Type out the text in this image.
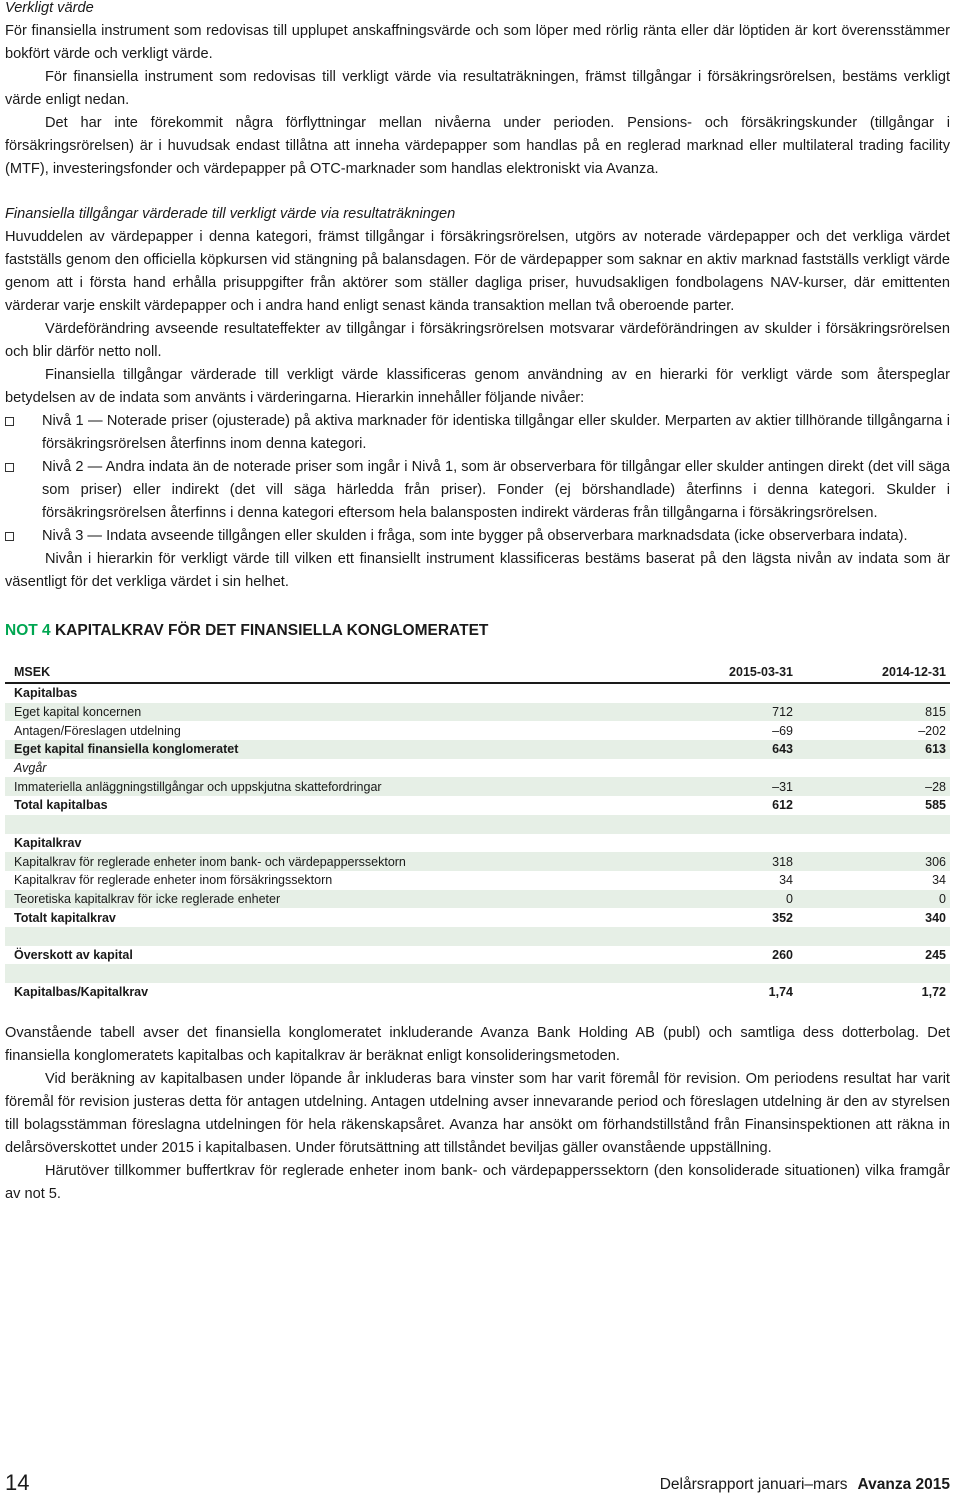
Verkligt värde

För finansiella instrument som redovisas till upplupet anskaffningsvärde och som löper med rörlig ränta eller där löptiden är kort överensstämmer bokfört värde och verkligt värde.

För finansiella instrument som redovisas till verkligt värde via resultaträkningen, främst tillgångar i försäkringsrörelsen, bestäms verkligt värde enligt nedan.

Det har inte förekommit några förflyttningar mellan nivåerna under perioden. Pensions- och försäkringskunder (tillgångar i försäkringsrörelsen) är i huvudsak endast tillåtna att inneha värdepapper som handlas på en reglerad marknad eller multilateral trading facility (MTF), investeringsfonder och värdepapper på OTC-marknader som handlas elektroniskt via Avanza.

Finansiella tillgångar värderade till verkligt värde via resultaträkningen

Huvuddelen av värdepapper i denna kategori, främst tillgångar i försäkringsrörelsen, utgörs av noterade värdepapper och det verkliga värdet fastställs genom den officiella köpkursen vid stängning på balansdagen. För de värdepapper som saknar en aktiv marknad fastställs verkligt värde genom att i första hand erhålla prisuppgifter från aktörer som ställer dagliga priser, huvudsakligen fondbolagens NAV-kurser, där emittenten värderar varje enskilt värdepapper och i andra hand enligt senast kända transaktion mellan två oberoende parter.

Värdeförändring avseende resultateffekter av tillgångar i försäkringsrörelsen motsvarar värdeförändringen av skulder i försäkringsrörelsen och blir därför netto noll.

Finansiella tillgångar värderade till verkligt värde klassificeras genom användning av en hierarki för verkligt värde som återspeglar betydelsen av de indata som använts i värderingarna. Hierarkin innehåller följande nivåer:

Nivå 1 — Noterade priser (ojusterade) på aktiva marknader för identiska tillgångar eller skulder. Merparten av aktier tillhörande tillgångarna i försäkringsrörelsen återfinns inom denna kategori.

Nivå 2 — Andra indata än de noterade priser som ingår i Nivå 1, som är observerbara för tillgångar eller skulder antingen direkt (det vill säga som priser) eller indirekt (det vill säga härledda från priser). Fonder (ej börshandlade) återfinns i denna kategori. Skulder i försäkringsrörelsen återfinns i denna kategori eftersom hela balansposten indirekt värderas från tillgångarna i försäkringsrörelsen.

Nivå 3 — Indata avseende tillgången eller skulden i fråga, som inte bygger på observerbara marknadsdata (icke observerbara indata).

Nivån i hierarkin för verkligt värde till vilken ett finansiellt instrument klassificeras bestäms baserat på den lägsta nivån av indata som är väsentligt för det verkliga värdet i sin helhet.

NOT 4 KAPITALKRAV FÖR DET FINANSIELLA KONGLOMERATET

MSEK	2015-03-31	2014-12-31
Kapitalbas		
Eget kapital koncernen	712	815
Antagen/Föreslagen utdelning	–69	–202
Eget kapital finansiella konglomeratet	643	613
Avgår		
Immateriella anläggningstillgångar och uppskjutna skattefordringar	–31	–28
Total kapitalbas	612	585

Kapitalkrav		
Kapitalkrav för reglerade enheter inom bank- och värdepapperssektorn	318	306
Kapitalkrav för reglerade enheter inom försäkringssektorn	34	34
Teoretiska kapitalkrav för icke reglerade enheter	0	0
Totalt kapitalkrav	352	340

Överskott av kapital	260	245

Kapitalbas/Kapitalkrav	1,74	1,72

Ovanstående tabell avser det finansiella konglomeratet inkluderande Avanza Bank Holding AB (publ) och samtliga dess dotterbolag. Det finansiella konglomeratets kapitalbas och kapitalkrav är beräknat enligt konsolideringsmetoden.

Vid beräkning av kapitalbasen under löpande år inkluderas bara vinster som har varit föremål för revision. Om periodens resultat har varit föremål för revision justeras detta för antagen utdelning. Antagen utdelning avser innevarande period och föreslagen utdelning är den av styrelsen till bolagsstämman föreslagna utdelningen för hela räkenskapsåret. Avanza har ansökt om förhandstillstånd från Finansinspektionen att räkna in delårsöverskottet under 2015 i kapitalbasen. Under förutsättning att tillståndet beviljas gäller ovanstående uppställning.

Härutöver tillkommer buffertkrav för reglerade enheter inom bank- och värdepapperssektorn (den konsoliderade situationen) vilka framgår av not 5.

14	Delårsrapport januari–mars Avanza 2015
